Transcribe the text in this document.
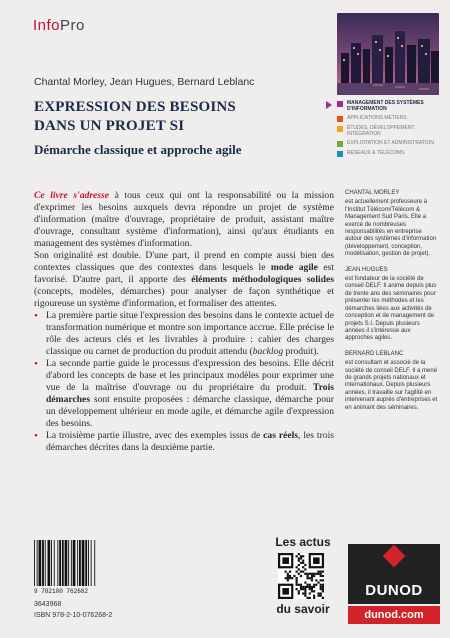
InfoPro
Chantal Morley, Jean Hugues, Bernard Leblanc
EXPRESSION DES BESOINS
DANS UN PROJET SI
Démarche classique et approche agile
MANAGEMENT DES SYSTÈMES D'INFORMATION
APPLICATIONS MÉTIERS
ÉTUDES, DÉVELOPPEMENT, INTÉGRATION
EXPLOITATION ET ADMINISTRATION
RÉSEAUX & TÉLÉCOMS

Ce livre s'adresse à tous ceux qui ont la responsabilité ou la mission d'exprimer les besoins auxquels devra répondre un projet de système d'information (maître d'ouvrage, propriétaire de produit, assistant maître d'ouvrage, consultant système d'information), ainsi qu'aux étudiants en management des systèmes d'information.

Son originalité est double. D'une part, il prend en compte aussi bien des contextes classiques que des contextes dans lesquels le mode agile est favorisé. D'autre part, il apporte des éléments méthodologiques solides (concepts, modèles, démarches) pour analyser de façon synthétique et rigoureuse un système d'information, et formaliser des attentes.

• La première partie situe l'expression des besoins dans le contexte actuel de transformation numérique et montre son importance accrue. Elle précise le rôle des acteurs clés et les livrables à produire : cahier des charges classique ou carnet de production du produit attendu (backlog produit).
• La seconde partie guide le processus d'expression des besoins. Elle décrit d'abord les concepts de base et les principaux modèles pour exprimer une vue de la maîtrise d'ouvrage ou du propriétaire du produit. Trois démarches sont ensuite proposées : démarche classique, démarche pour un développement ultérieur en mode agile, et démarche agile d'expression des besoins.
• La troisième partie illustre, avec des exemples issus de cas réels, les trois démarches décrites dans la deuxième partie.
CHANTAL MORLEY

est actuellement professeure à l'Institut Télécom/Télécom & Management Sud Paris. Elle a exercé de nombreuses responsabilités en entreprise autour des systèmes d'information (développement, conception, modélisation, gestion de projet).

JEAN HUGUES

est fondateur de la société de conseil DELF. Il anime depuis plus de trente ans des séminaires pour présenter les méthodes et les démarches liées aux activités de conception et de management de projets S.I. Depuis plusieurs années il s'intéresse aux approches agiles.

BERNARD LEBLANC

est consultant et associé de la société de conseil DELF. Il a mené de grands projets nationaux et internationaux. Depuis plusieurs années, il travaille sur l'agilité en intervenant auprès d'entreprises et en animant des séminaires.

9 782100 762682
3643968
ISBN 978-2-10-076268-2
Les actus
du savoir
DUNOD
dunod.com
